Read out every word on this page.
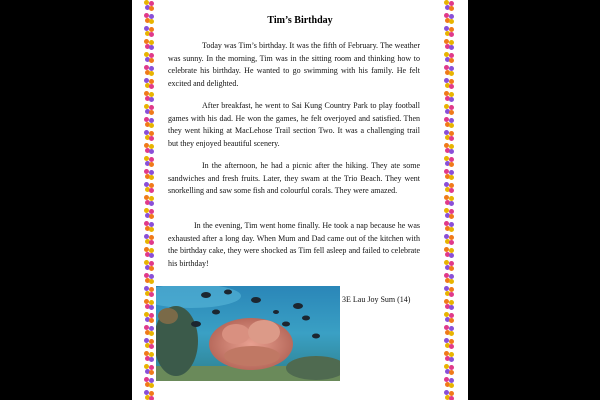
Tim’s Birthday

Today was Tim’s birthday. It was the fifth of February. The weather was sunny. In the morning, Tim was in the sitting room and thinking how to celebrate his birthday. He wanted to go swimming with his family. He felt excited and delighted.

After breakfast, he went to Sai Kung Country Park to play football games with his dad. He won the games, he felt overjoyed and satisfied. Then they went hiking at MacLehose Trail section Two. It was a challenging trail but they enjoyed beautiful scenery.

In the afternoon, he had a picnic after the hiking. They ate some sandwiches and fresh fruits. Later, they swam at the Trio Beach. They went snorkelling and saw some fish and colourful corals. They were amazed.

In the evening, Tim went home finally. He took a nap because he was exhausted after a long day. When Mum and Dad came out of the kitchen with the birthday cake, they were shocked as Tim fell asleep and failed to celebrate his birthday!

3E Lau Joy Sum (14)
